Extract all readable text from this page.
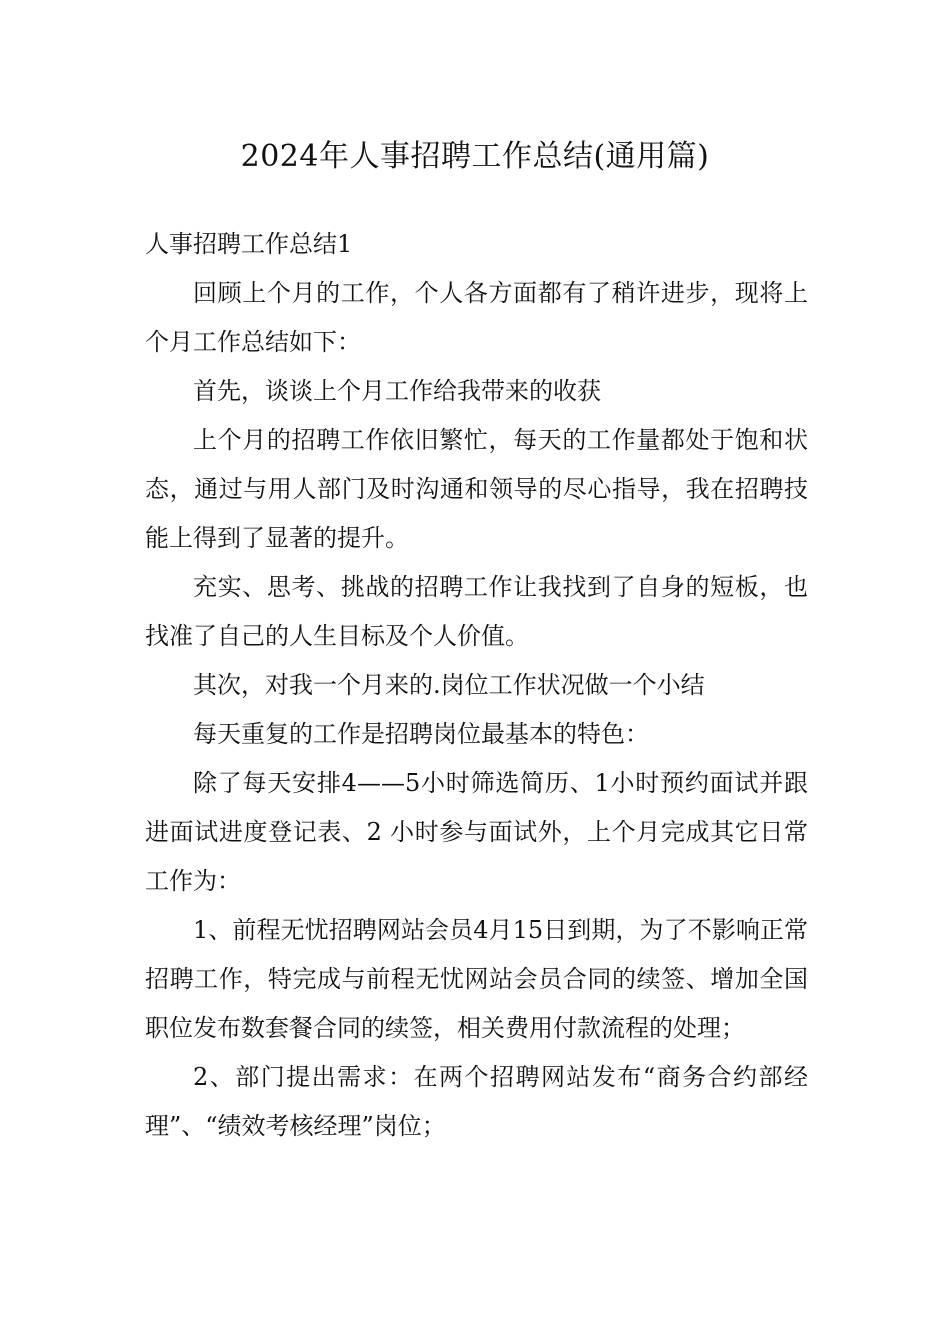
2024年人事招聘工作总结(通用篇)

人事招聘工作总结1

回顾上个月的工作，个人各方面都有了稍许进步，现将上个月工作总结如下：

首先，谈谈上个月工作给我带来的收获

上个月的招聘工作依旧繁忙，每天的工作量都处于饱和状态，通过与用人部门及时沟通和领导的尽心指导，我在招聘技能上得到了显著的提升。

充实、思考、挑战的招聘工作让我找到了自身的短板，也找准了自己的人生目标及个人价值。

其次，对我一个月来的.岗位工作状况做一个小结

每天重复的工作是招聘岗位最基本的特色：

除了每天安排4——5小时筛选简历、1小时预约面试并跟进面试进度登记表、2 小时参与面试外，上个月完成其它日常工作为：

1、前程无忧招聘网站会员4月15日到期，为了不影响正常招聘工作，特完成与前程无忧网站会员合同的续签、增加全国职位发布数套餐合同的续签，相关费用付款流程的处理；

2、部门提出需求：在两个招聘网站发布“商务合约部经理”、“绩效考核经理”岗位；
